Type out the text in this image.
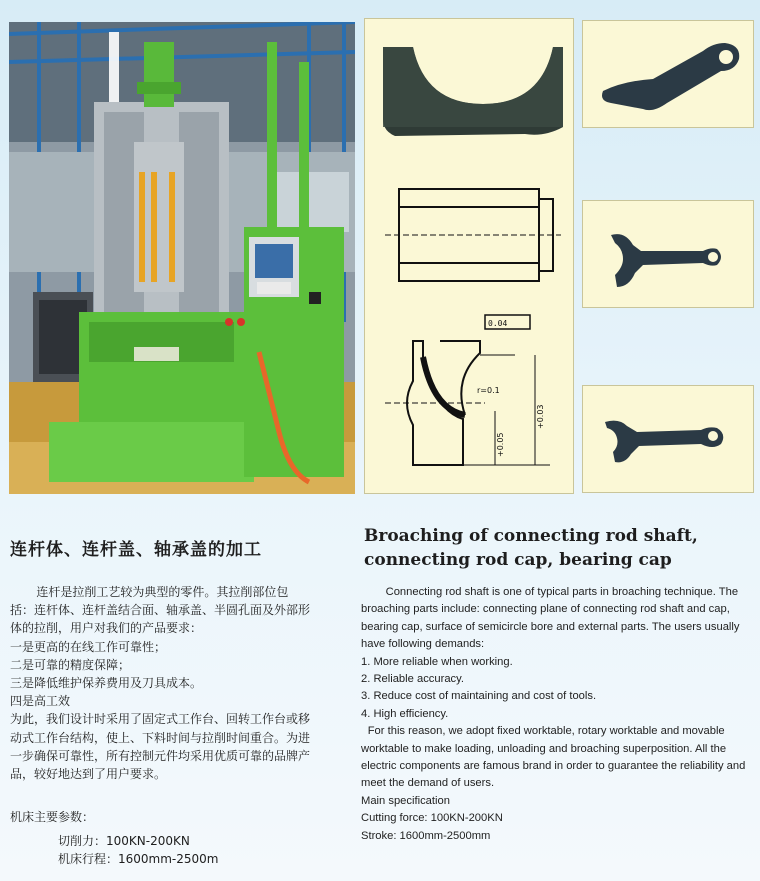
0.04
r=0.1
+0.05
+0.03
连杆体、连杆盖、轴承盖的加工

连杆是拉削工艺较为典型的零件。其拉削部位包括：连杆体、连杆盖结合面、轴承盖、半圆孔面及外部形体的拉削，用户对我们的产品要求：

一是更高的在线工作可靠性；

二是可靠的精度保障；

三是降低维护保养费用及刀具成本。

四是高工效

为此，我们设计时采用了固定式工作台、回转工作台或移动式工作台结构，使上、下料时间与拉削时间重合。为进一步确保可靠性，所有控制元件均采用优质可靠的品牌产品，较好地达到了用户要求。

机床主要参数：

切削力：100KN-200KN

机床行程：1600mm-2500m

Broaching of connecting rod shaft,
connecting rod cap, bearing cap

Connecting rod shaft is one of typical parts in broaching technique. The broaching parts include: connecting plane of connecting rod shaft and cap, bearing cap, surface of semicircle bore and external parts. The users usually have following demands:

1. More reliable when working.

2. Reliable accuracy.

3. Reduce cost of maintaining and cost of tools.

4. High efficiency.

For this reason, we adopt fixed worktable, rotary worktable and movable worktable to make loading, unloading and broaching superposition. All the electric components are famous brand in order to guarantee the reliability and meet the demand of users.

Main specification

Cutting force: 100KN-200KN

Stroke: 1600mm-2500mm
